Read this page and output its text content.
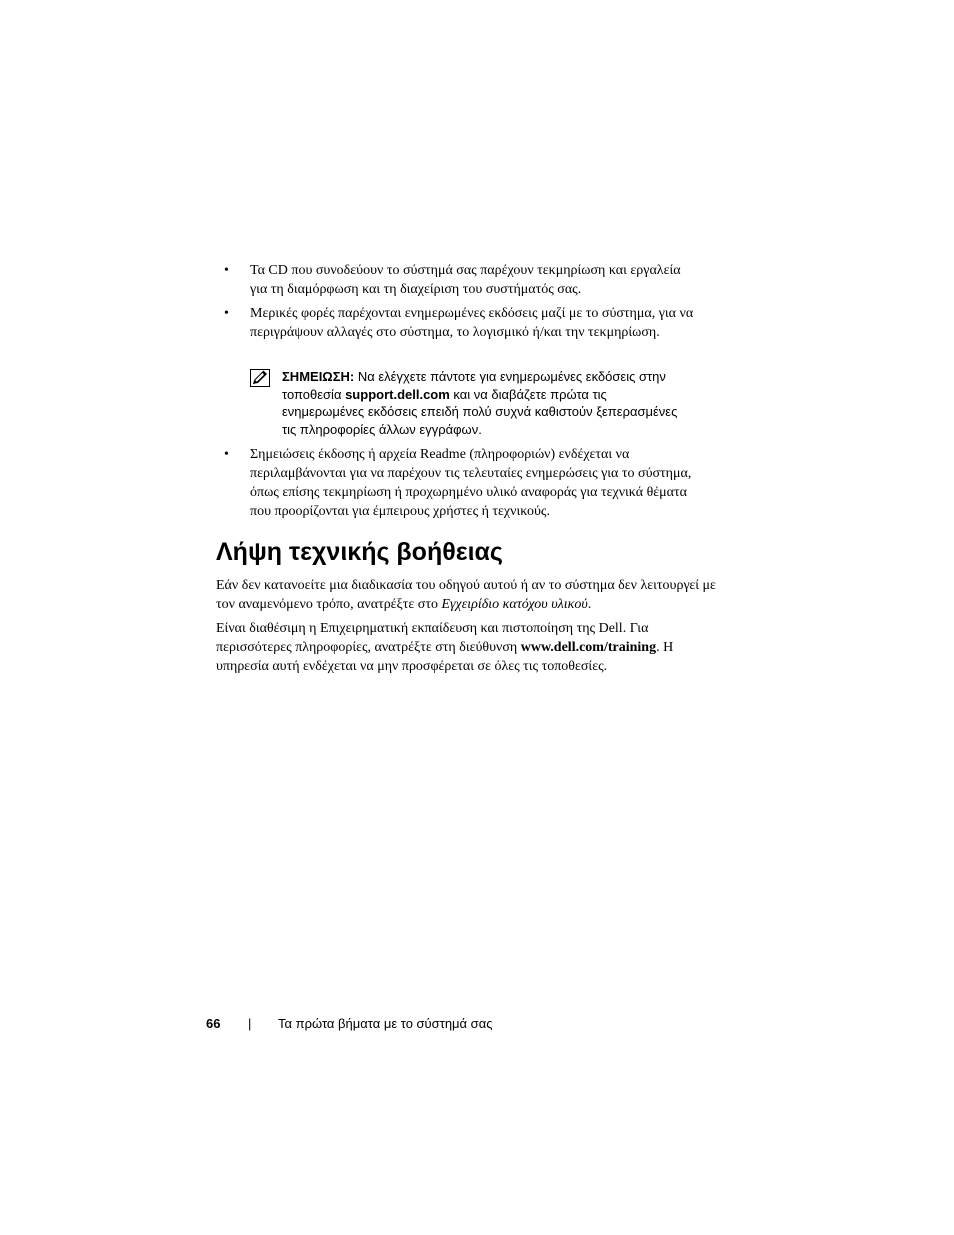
•	Τα CD που συνοδεύουν το σύστημά σας παρέχουν τεκμηρίωση και εργαλεία για τη διαμόρφωση και τη διαχείριση του συστήματός σας.
•	Μερικές φορές παρέχονται ενημερωμένες εκδόσεις μαζί με το σύστημα, για να περιγράψουν αλλαγές στο σύστημα, το λογισμικό ή/και την τεκμηρίωση.
ΣΗΜΕΙΩΣΗ: Να ελέγχετε πάντοτε για ενημερωμένες εκδόσεις στην τοποθεσία support.dell.com και να διαβάζετε πρώτα τις ενημερωμένες εκδόσεις επειδή πολύ συχνά καθιστούν ξεπερασμένες τις πληροφορίες άλλων εγγράφων.
•	Σημειώσεις έκδοσης ή αρχεία Readme (πληροφοριών) ενδέχεται να περιλαμβάνονται για να παρέχουν τις τελευταίες ενημερώσεις για το σύστημα, όπως επίσης τεκμηρίωση ή προχωρημένο υλικό αναφοράς για τεχνικά θέματα που προορίζονται για έμπειρους χρήστες ή τεχνικούς.
Λήψη τεχνικής βοήθειας

Εάν δεν κατανοείτε μια διαδικασία του οδηγού αυτού ή αν το σύστημα δεν λειτουργεί με τον αναμενόμενο τρόπο, ανατρέξτε στο Εγχειρίδιο κατόχου υλικού.

Είναι διαθέσιμη η Επιχειρηματική εκπαίδευση και πιστοποίηση της Dell. Για περισσότερες πληροφορίες, ανατρέξτε στη διεύθυνση www.dell.com/training. Η υπηρεσία αυτή ενδέχεται να μην προσφέρεται σε όλες τις τοποθεσίες.

66 | Τα πρώτα βήματα με το σύστημά σας
